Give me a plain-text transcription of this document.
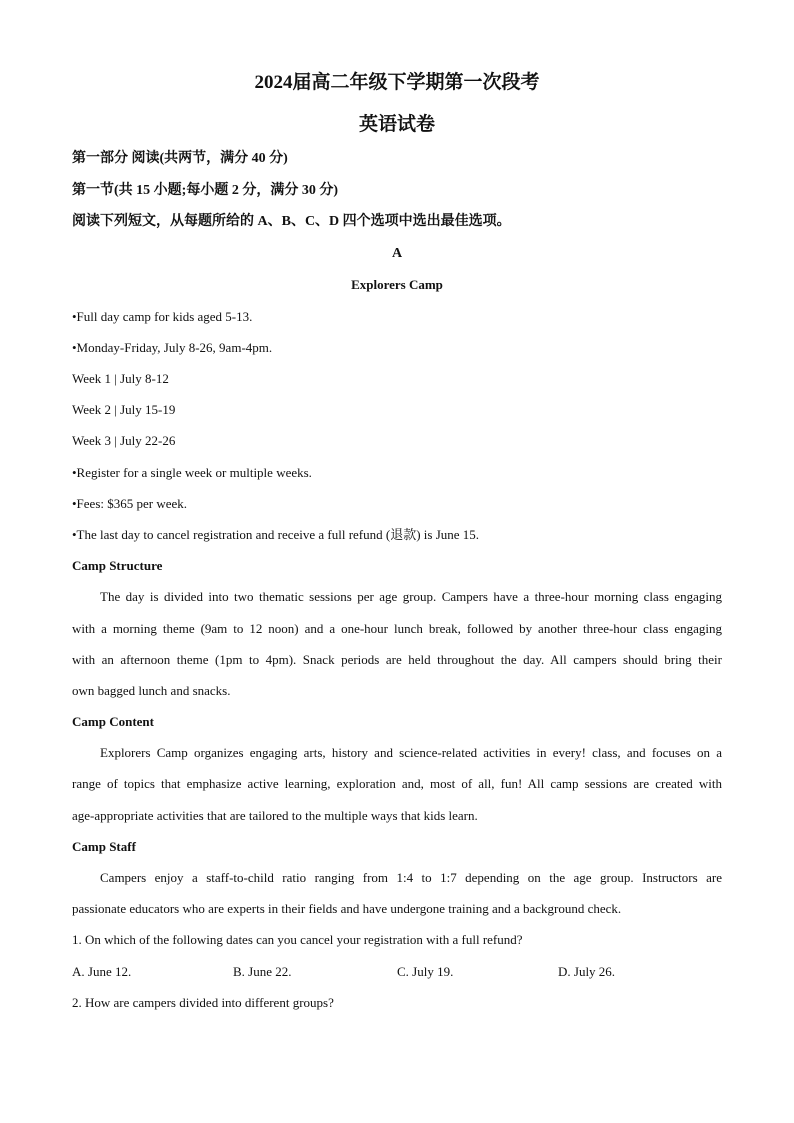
2024届高二年级下学期第一次段考
英语试卷
第一部分 阅读(共两节，满分 40 分)
第一节(共 15 小题;每小题 2 分，满分 30 分)
阅读下列短文，从每题所给的 A、B、C、D 四个选项中选出最佳选项。
A
Explorers Camp
•Full day camp for kids aged 5-13.
•Monday-Friday, July 8-26, 9am-4pm.
Week 1 | July 8-12
Week 2 | July 15-19
Week 3 | July 22-26
•Register for a single week or multiple weeks.
•Fees: $365 per week.
•The last day to cancel registration and receive a full refund (退款) is June 15.
Camp Structure
The day is divided into two thematic sessions per age group. Campers have a three-hour morning class engaging
with a morning theme (9am to 12 noon) and a one-hour lunch break, followed by another three-hour class engaging
with an afternoon theme (1pm to 4pm). Snack periods are held throughout the day. All campers should bring their
own bagged lunch and snacks.
Camp Content
Explorers Camp organizes engaging arts, history and science-related activities in every! class, and focuses on a
range of topics that emphasize active learning, exploration and, most of all, fun! All camp sessions are created with
age-appropriate activities that are tailored to the multiple ways that kids learn.
Camp Staff
Campers enjoy a staff-to-child ratio ranging from 1:4 to 1:7 depending on the age group. Instructors are
passionate educators who are experts in their fields and have undergone training and a background check.
1. On which of the following dates can you cancel your registration with a full refund?
A. June 12.	B. June 22.	C. July 19.	D. July 26.
2. How are campers divided into different groups?
